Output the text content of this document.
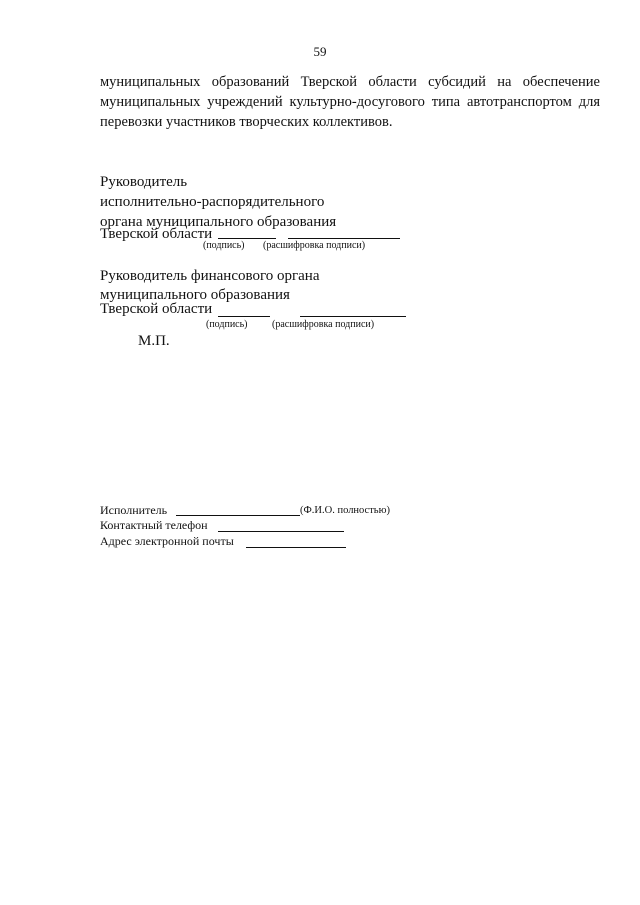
59
муниципальных образований Тверской области субсидий на обеспечение
муниципальных учреждений культурно-досугового типа автотранспортом для
перевозки участников творческих коллективов.
Руководитель
исполнительно-распорядительного
органа муниципального образования
Тверской области
(подпись) (расшифровка подписи)
Руководитель финансового органа
муниципального образования
Тверской области
(подпись) (расшифровка подписи)
М.П.
Исполнитель	(Ф.И.О. полностью)
Контактный телефон
Адрес электронной почты
